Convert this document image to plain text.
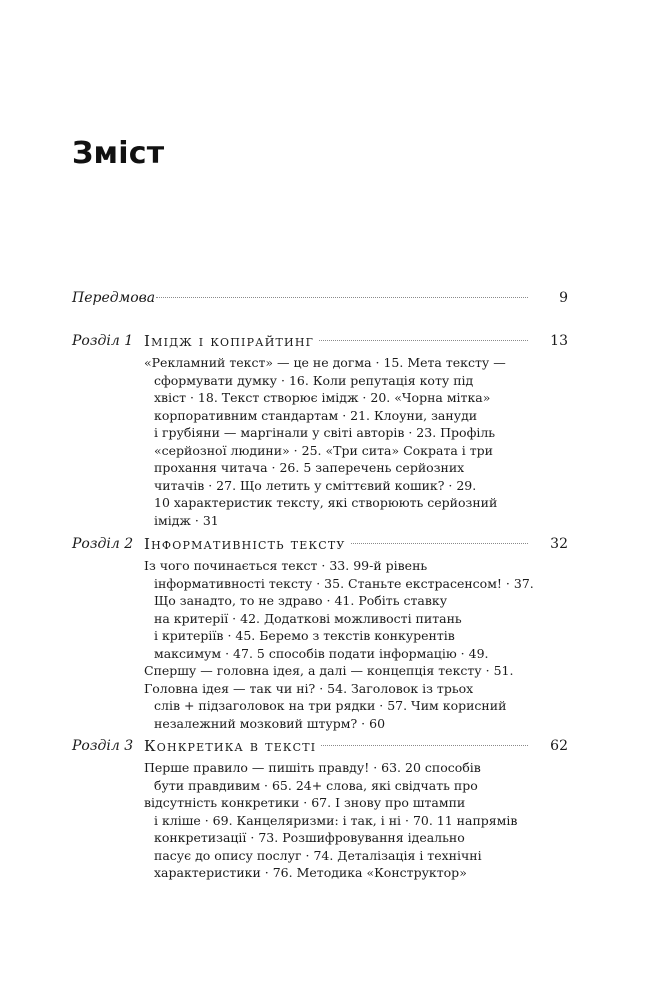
Зміст
Передмова	9
Розділ 1 Імідж і копірайтинг	13

«Рекламний текст» — це не догма · 15. Мета тексту —
сформувати думку · 16. Коли репутація коту під
хвіст · 18. Текст створює імідж · 20. «Чорна мітка»
корпоративним стандартам · 21. Клоуни, зануди
і грубіяни — маргінали у світі авторів · 23. Профіль
«серйозної людини» · 25. «Три сита» Сократа і три
прохання читача · 26. 5 заперечень серйозних
читачів · 27. Що летить у сміттєвий кошик? · 29.
10 характеристик тексту, які створюють серйозний
імідж · 31

Розділ 2 Інформативність тексту	32

Із чого починається текст · 33. 99-й рівень
інформативності тексту · 35. Станьте екстрасенсом! · 37.
Що занадто, то не здраво · 41. Робіть ставку
на критерії · 42. Додаткові можливості питань
і критеріїв · 45. Беремо з текстів конкурентів
максимум · 47. 5 способів подати інформацію · 49.
Спершу — головна ідея, а далі — концепція тексту · 51.
Головна ідея — так чи ні? · 54. Заголовок із трьох
слів + підзаголовок на три рядки · 57. Чим корисний
незалежний мозковий штурм? · 60

Розділ 3 Конкретика в тексті	62

Перше правило — пишіть правду! · 63. 20 способів
бути правдивим · 65. 24+ слова, які свідчать про
відсутність конкретики · 67. І знову про штампи
і кліше · 69. Канцеляризми: і так, і ні · 70. 11 напрямів
конкретизації · 73. Розшифровування ідеально
пасує до опису послуг · 74. Деталізація і технічні
характеристики · 76. Методика «Конструктор»
